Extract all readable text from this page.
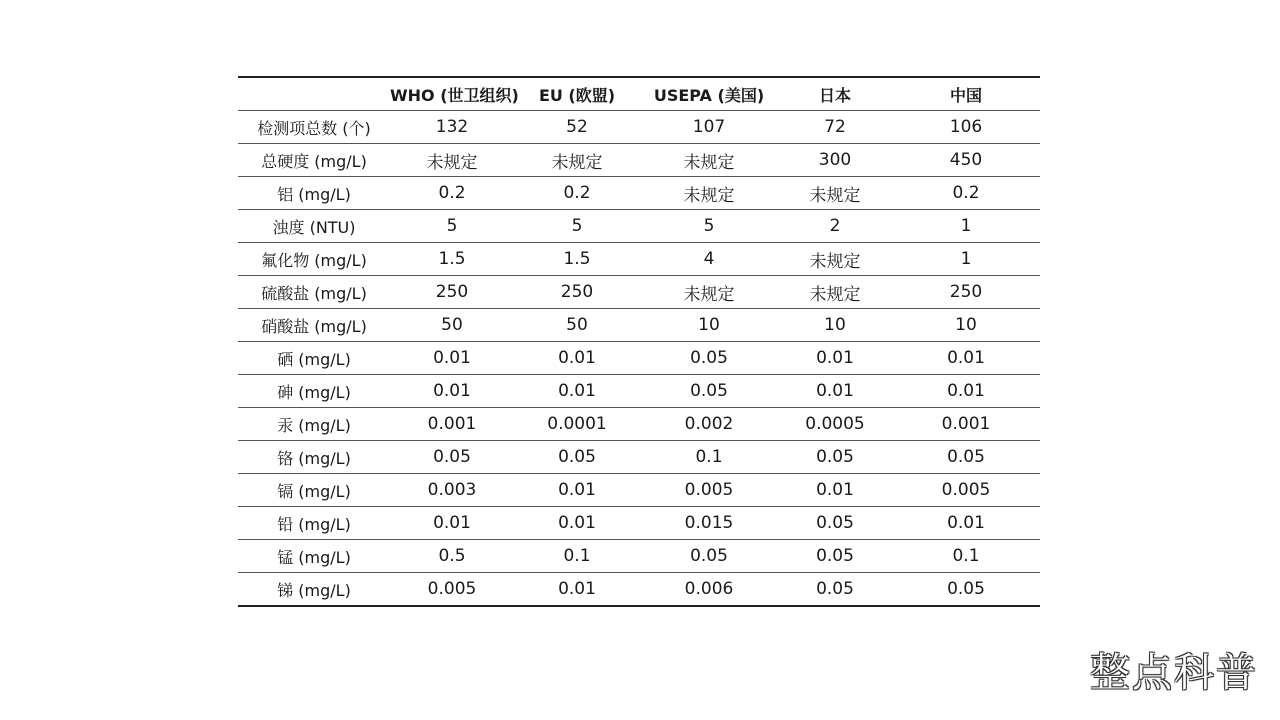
	WHO (世卫组织)	EU (欧盟)	USEPA (美国)	日本	中国
检测项总数 (个)	132	52	107	72	106
总硬度 (mg/L)	未规定	未规定	未规定	300	450
铝 (mg/L)	0.2	0.2	未规定	未规定	0.2
浊度 (NTU)	5	5	5	2	1
氟化物 (mg/L)	1.5	1.5	4	未规定	1
硫酸盐 (mg/L)	250	250	未规定	未规定	250
硝酸盐 (mg/L)	50	50	10	10	10
硒 (mg/L)	0.01	0.01	0.05	0.01	0.01
砷 (mg/L)	0.01	0.01	0.05	0.01	0.01
汞 (mg/L)	0.001	0.0001	0.002	0.0005	0.001
铬 (mg/L)	0.05	0.05	0.1	0.05	0.05
镉 (mg/L)	0.003	0.01	0.005	0.01	0.005
铅 (mg/L)	0.01	0.01	0.015	0.05	0.01
锰 (mg/L)	0.5	0.1	0.05	0.05	0.1
锑 (mg/L)	0.005	0.01	0.006	0.05	0.05
整点科普
